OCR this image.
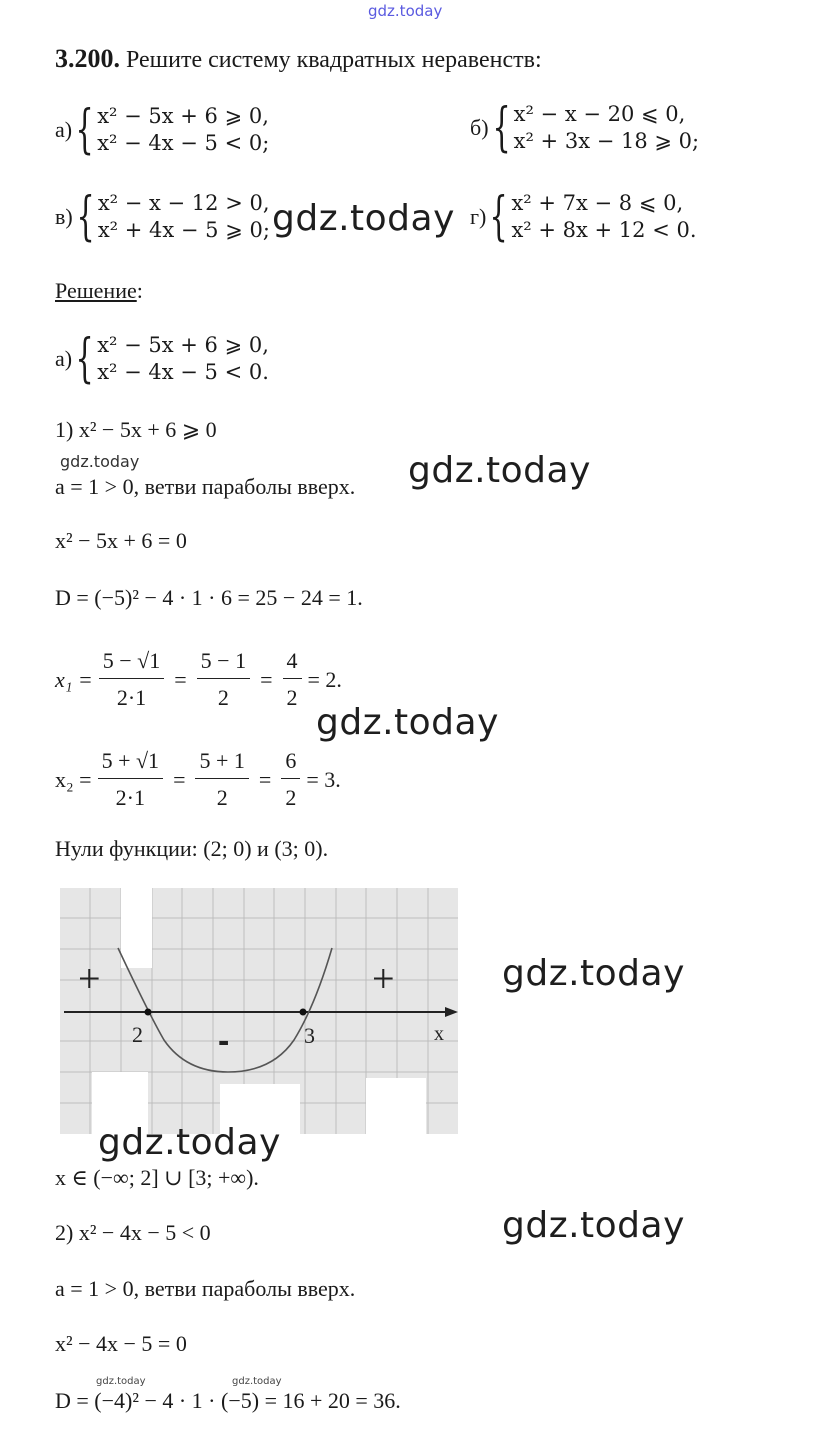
gdz.today
3.200. Решите систему квадратных неравенств:
а) { x² − 5x + 6 ⩾ 0,
x² − 4x − 5 < 0;
б) { x² − x − 20 ⩽ 0,
x² + 3x − 18 ⩾ 0;
в) { x² − x − 12 > 0,
x² + 4x − 5 ⩾ 0; gdz.today г) { x² + 7x − 8 ⩽ 0,
x² + 8x + 12 < 0.
Решение:
а) { x² − 5x + 6 ⩾ 0,
x² − 4x − 5 < 0.
1) x² − 5x + 6 ⩾ 0
gdz.today
a = 1 > 0, ветви параболы вверх. gdz.today
x² − 5x + 6 = 0
D = (−5)² − 4 · 1 · 6 = 25 − 24 = 1.
$x_1 = \frac{5 - √1}{2\cdot 1} = \frac{5 - 1}{2} = \frac{4}{2} = 2$.
gdz.today
$x_2 = \frac{5 + √1}{2\cdot 1} = \frac{5 + 1}{2} = \frac{6}{2} = 3$.
Нули функции: (2; 0) и (3; 0).
+	+
-
2	3	x
gdz.today
gdz.today
x ∈ (−∞; 2] ∪ [3; +∞).
gdz.today
2) x² − 4x − 5 < 0
a = 1 > 0, ветви параболы вверх.
x² − 4x − 5 = 0
gdz.today	gdz.today
D = (−4)² − 4 · 1 · (−5) = 16 + 20 = 36.
